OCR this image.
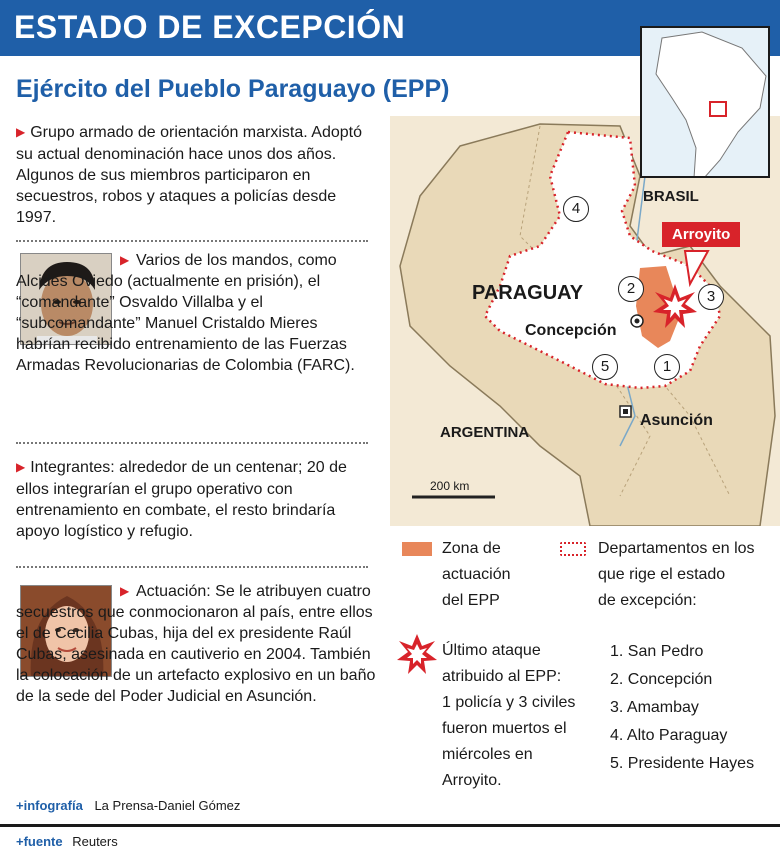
ESTADO DE EXCEPCIÓN
Ejército del Pueblo Paraguayo (EPP)
▶ Grupo armado de orientación marxista. Adoptó su actual denominación hace unos dos años. Algunos de sus miembros participaron en secuestros, robos y ataques a policías desde 1997.
▶ Varios de los mandos, como Alcides Oviedo (actualmente en prisión), el “comandante” Osvaldo Villalba y el “subcomandante” Manuel Cristaldo Mieres habrían recibido entrenamiento de las Fuerzas Armadas Revolucionarias de Colombia (FARC).
▶ Integrantes: alrededor de un centenar; 20 de ellos integrarían el grupo operativo con entrenamiento en combate, el resto brindaría apoyo logístico y refugio.
▶ Actuación: Se le atribuyen cuatro secuestros que conmocionaron al país, entre ellos el de Cecilia Cubas, hija del ex presidente Raúl Cubas, asesinada en cautiverio en 2004. También la colocación de un artefacto explosivo en un baño de la sede del Poder Judicial en Asunción.
+infografía La Prensa-Daniel Gómez
+fuente Reuters
BRASIL
PARAGUAY
ARGENTINA
Concepción
Asunción
Arroyito
200 km
4
2	3
5	1
Zona de
actuación
del EPP
Departamentos en los
que rige el estado
de excepción:
Último ataque
atribuido al EPP:
1 policía y 3 civiles
fueron muertos el
miércoles en
Arroyito.
1. San Pedro
2. Concepción
3. Amambay
4. Alto Paraguay
5. Presidente Hayes
